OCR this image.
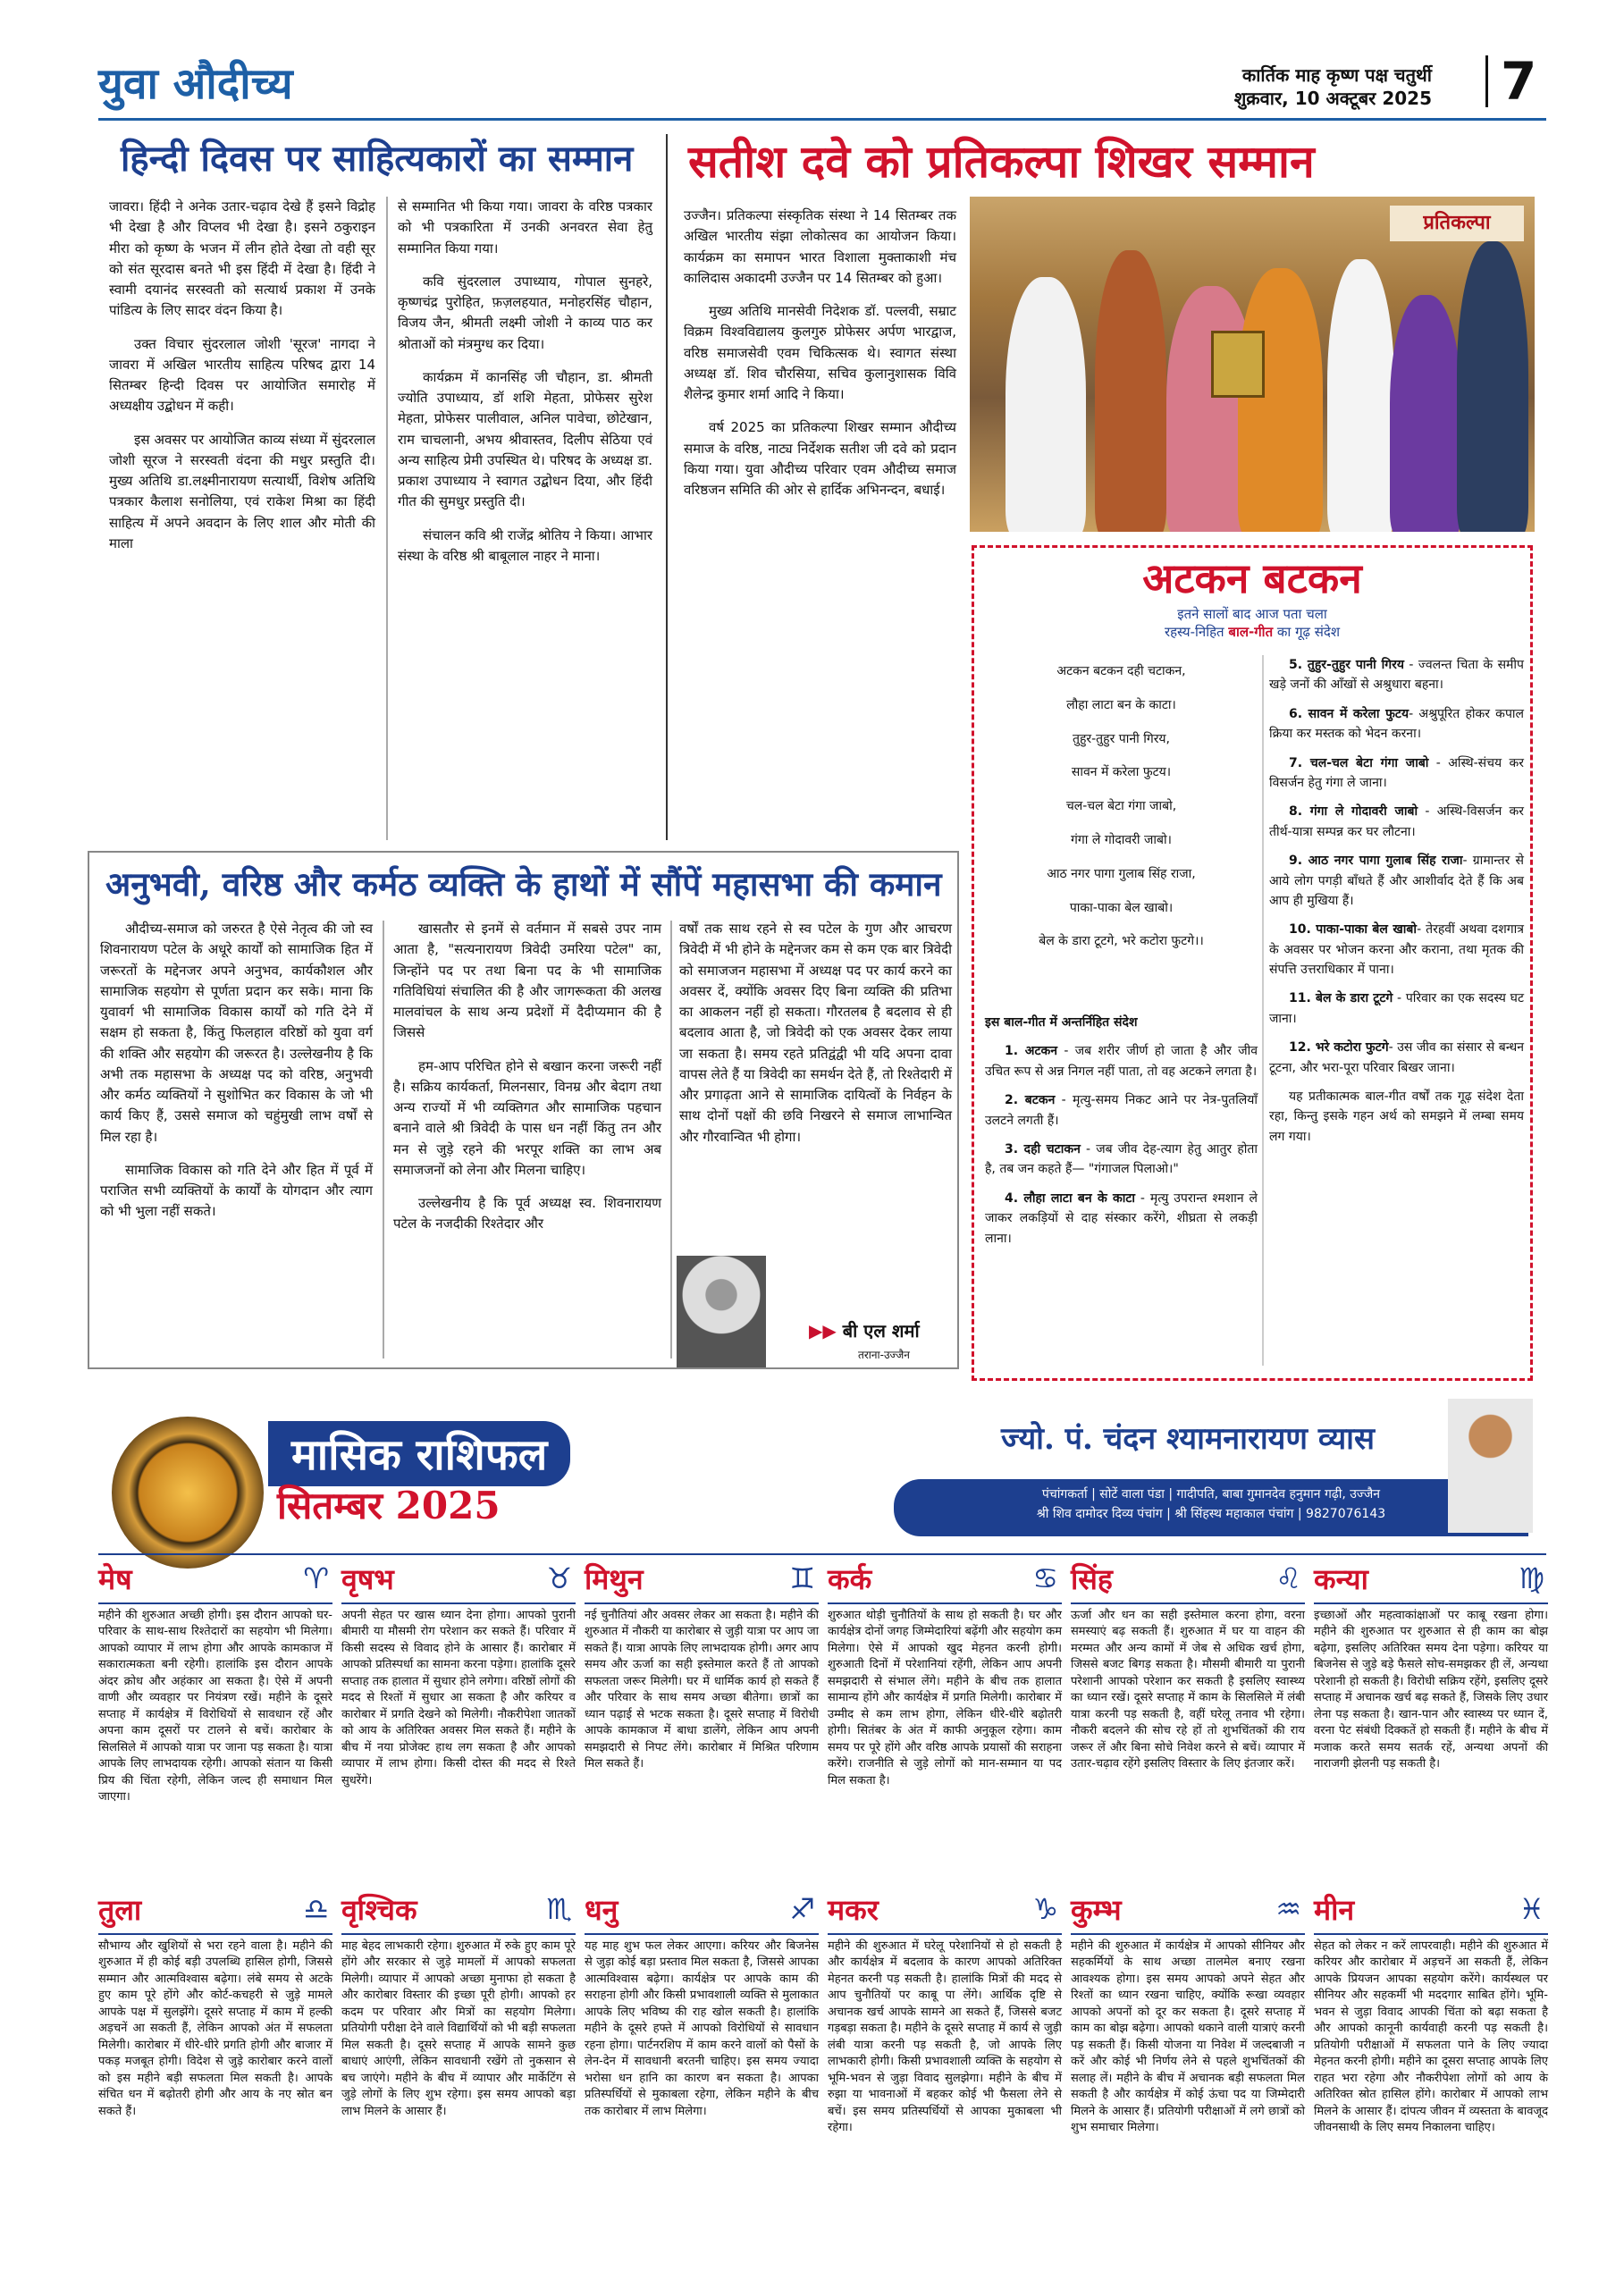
युवा औदीच्य	कार्तिक माह कृष्ण पक्ष चतुर्थी
शुक्रवार, 10 अक्टूबर 2025 7
हिन्दी दिवस पर साहित्यकारों का सम्मान

जावरा। हिंदी ने अनेक उतार-चढ़ाव देखे हैं इसने विद्रोह भी देखा है और विप्लव भी देखा है। इसने ठकुराइन मीरा को कृष्ण के भजन में लीन होते देखा तो वही सूर को संत सूरदास बनते भी इस हिंदी में देखा है। हिंदी ने स्वामी दयानंद सरस्वती को सत्यार्थ प्रकाश में उनके पांडित्य के लिए सादर वंदन किया है।

उक्त विचार सुंदरलाल जोशी 'सूरज' नागदा ने जावरा में अखिल भारतीय साहित्य परिषद द्वारा 14 सितम्बर हिन्दी दिवस पर आयोजित समारोह में अध्यक्षीय उद्बोधन में कही।

इस अवसर पर आयोजित काव्य संध्या में सुंदरलाल जोशी सूरज ने सरस्वती वंदना की मधुर प्रस्तुति दी। मुख्य अतिथि डा.लक्ष्मीनारायण सत्यार्थी, विशेष अतिथि पत्रकार कैलाश सनोलिया, एवं राकेश मिश्रा का हिंदी साहित्य में अपने अवदान के लिए शाल और मोती की माला

से सम्मानित भी किया गया। जावरा के वरिष्ठ पत्रकार को भी पत्रकारिता में उनकी अनवरत सेवा हेतु सम्मानित किया गया।

कवि सुंदरलाल उपाध्याय, गोपाल सुनहरे, कृष्णचंद्र पुरोहित, फ़ज़लहयात, मनोहरसिंह चौहान, विजय जैन, श्रीमती लक्ष्मी जोशी ने काव्य पाठ कर श्रोताओं को मंत्रमुग्ध कर दिया।

कार्यक्रम में कानसिंह जी चौहान, डा. श्रीमती ज्योति उपाध्याय, डॉ शशि मेहता, प्रोफेसर सुरेश मेहता, प्रोफेसर पालीवाल, अनिल पावेचा, छोटेखान, राम चाचलानी, अभय श्रीवास्तव, दिलीप सेठिया एवं अन्य साहित्य प्रेमी उपस्थित थे। परिषद के अध्यक्ष डा. प्रकाश उपाध्याय ने स्वागत उद्बोधन दिया, और हिंदी गीत की सुमधुर प्रस्तुति दी।

संचालन कवि श्री राजेंद्र श्रोतिय ने किया। आभार संस्था के वरिष्ठ श्री बाबूलाल नाहर ने माना।

सतीश दवे को प्रतिकल्पा शिखर सम्मान

उज्जैन। प्रतिकल्पा संस्कृतिक संस्था ने 14 सितम्बर तक अखिल भारतीय संझा लोकोत्सव का आयोजन किया। कार्यक्रम का समापन भारत विशाला मुक्ताकाशी मंच कालिदास अकादमी उज्जैन पर 14 सितम्बर को हुआ।

मुख्य अतिथि मानसेवी निदेशक डॉ. पल्लवी, सम्राट विक्रम विश्वविद्यालय कुलगुरु प्रोफेसर अर्पण भारद्वाज, वरिष्ठ समाजसेवी एवम चिकित्सक थे। स्वागत संस्था अध्यक्ष डॉ. शिव चौरसिया, सचिव कुलानुशासक विवि शैलेन्द्र कुमार शर्मा आदि ने किया।

वर्ष 2025 का प्रतिकल्पा शिखर सम्मान औदीच्य समाज के वरिष्ठ, नाट्य निर्देशक सतीश जी दवे को प्रदान किया गया। युवा औदीच्य परिवार एवम औदीच्य समाज वरिष्ठजन समिति की ओर से हार्दिक अभिनन्दन, बधाई।

प्रतिकल्पा
अटकन बटकन
इतने सालों बाद आज पता चला
रहस्य-निहित बाल-गीत का गूढ़ संदेश
अटकन बटकन दही चटाकन,
लौहा लाटा बन के काटा।
तुहुर-तुहुर पानी गिरय,
सावन में करेला फुटय।
चल-चल बेटा गंगा जाबो,
गंगा ले गोदावरी जाबो।
आठ नगर पागा गुलाब सिंह राजा,
पाका-पाका बेल खाबो।
बेल के डारा टूटगे, भरे कटोरा फुटगे।।
इस बाल-गीत में अन्तर्निहित संदेश
1. अटकन - जब शरीर जीर्ण हो जाता है और जीव उचित रूप से अन्न निगल नहीं पाता, तो वह अटकने लगता है।
2. बटकन - मृत्यु-समय निकट आने पर नेत्र-पुतलियाँ उलटने लगती हैं।
3. दही चटाकन - जब जीव देह-त्याग हेतु आतुर होता है, तब जन कहते हैं— "गंगाजल पिलाओ।"
4. लौहा लाटा बन के काटा - मृत्यु उपरान्त श्मशान ले जाकर लकड़ियों से दाह संस्कार करेंगे, शीघ्रता से लकड़ी लाना।
5. तुहुर-तुहुर पानी गिरय - ज्वलन्त चिता के समीप खड़े जनों की आँखों से अश्रुधारा बहना।
6. सावन में करेला फुटय- अश्रुपूरित होकर कपाल क्रिया कर मस्तक को भेदन करना।
7. चल-चल बेटा गंगा जाबो - अस्थि-संचय कर विसर्जन हेतु गंगा ले जाना।
8. गंगा ले गोदावरी जाबो - अस्थि-विसर्जन कर तीर्थ-यात्रा सम्पन्न कर घर लौटना।
9. आठ नगर पागा गुलाब सिंह राजा- ग्रामान्तर से आये लोग पगड़ी बाँधते हैं और आशीर्वाद देते हैं कि अब आप ही मुखिया हैं।
10. पाका-पाका बेल खाबो- तेरहवीं अथवा दशगात्र के अवसर पर भोजन करना और कराना, तथा मृतक की संपत्ति उत्तराधिकार में पाना।
11. बेल के डारा टूटगे - परिवार का एक सदस्य घट जाना।
12. भरे कटोरा फुटगे- उस जीव का संसार से बन्धन टूटना, और भरा-पूरा परिवार बिखर जाना।
यह प्रतीकात्मक बाल-गीत वर्षों तक गूढ़ संदेश देता रहा, किन्तु इसके गहन अर्थ को समझने में लम्बा समय लग गया।
अनुभवी, वरिष्ठ और कर्मठ व्यक्ति के हाथों में सौंपें महासभा की कमान

औदीच्य-समाज को जरुरत है ऐसे नेतृत्व की जो स्व शिवनारायण पटेल के अधूरे कार्यों को सामाजिक हित में जरूरतों के मद्देनजर अपने अनुभव, कार्यकौशल और सामाजिक सहयोग से पूर्णता प्रदान कर सके। माना कि युवावर्ग भी सामाजिक विकास कार्यों को गति देने में सक्षम हो सकता है, किंतु फिलहाल वरिष्ठों को युवा वर्ग की शक्ति और सहयोग की जरूरत है। उल्लेखनीय है कि अभी तक महासभा के अध्यक्ष पद को वरिष्ठ, अनुभवी और कर्मठ व्यक्तियों ने सुशोभित कर विकास के जो भी कार्य किए हैं, उससे समाज को चहुंमुखी लाभ वर्षों से मिल रहा है।

सामाजिक विकास को गति देने और हित में पूर्व में पराजित सभी व्यक्तियों के कार्यों के योगदान और त्याग को भी भुला नहीं सकते।

खासतौर से इनमें से वर्तमान में सबसे उपर नाम आता है, "सत्यनारायण त्रिवेदी उमरिया पटेल" का, जिन्होंने पद पर तथा बिना पद के भी सामाजिक गतिविधियां संचालित की है और जागरूकता की अलख मालवांचल के साथ अन्य प्रदेशों में दैदीप्यमान की है जिससे

हम-आप परिचित होने से बखान करना जरूरी नहीं है। सक्रिय कार्यकर्ता, मिलनसार, विनम्र और बेदाग तथा अन्य राज्यों में भी व्यक्तिगत और सामाजिक पहचान बनाने वाले श्री त्रिवेदी के पास धन नहीं किंतु तन और मन से जुड़े रहने की भरपूर शक्ति का लाभ अब समाजजनों को लेना और मिलना चाहिए।

उल्लेखनीय है कि पूर्व अध्यक्ष स्व. शिवनारायण पटेल के नजदीकी रिश्तेदार और

वर्षों तक साथ रहने से स्व पटेल के गुण और आचरण त्रिवेदी में भी होने के मद्देनजर कम से कम एक बार त्रिवेदी को समाजजन महासभा में अध्यक्ष पद पर कार्य करने का अवसर दें, क्योंकि अवसर दिए बिना व्यक्ति की प्रतिभा का आकलन नहीं हो सकता। गौरतलब है बदलाव से ही बदलाव आता है, जो त्रिवेदी को एक अवसर देकर लाया जा सकता है। समय रहते प्रतिद्वंद्वी भी यदि अपना दावा वापस लेते हैं या त्रिवेदी का समर्थन देते हैं, तो रिश्तेदारी में और प्रगाढ़ता आने से सामाजिक दायित्वों के निर्वहन के साथ दोनों पक्षों की छवि निखरने से समाज लाभान्वित और गौरवान्वित भी होगा।

▶▶ बी एल शर्मा
तराना-उज्जैन
मासिक राशिफल
सितम्बर 2025
ज्यो. पं. चंदन श्यामनारायण व्यास
पंचांगकर्ता | सोटें वाला पंडा | गादीपति, बाबा गुमानदेव हनुमान गढ़ी, उज्जैन
श्री शिव दामोदर दिव्य पंचांग | श्री सिंहस्थ महाकाल पंचांग | 9827076143
मेष	♈
महीने की शुरुआत अच्छी होगी। इस दौरान आपको घर-परिवार के साथ-साथ रिश्तेदारों का सहयोग भी मिलेगा। आपको व्यापार में लाभ होगा और आपके कामकाज में सकारात्मकता बनी रहेगी। हालांकि इस दौरान आपके अंदर क्रोध और अहंकार आ सकता है। ऐसे में अपनी वाणी और व्यवहार पर नियंत्रण रखें। महीने के दूसरे सप्ताह में कार्यक्षेत्र में विरोधियों से सावधान रहें और अपना काम दूसरों पर टालने से बचें। कारोबार के सिलसिले में आपको यात्रा पर जाना पड़ सकता है। यात्रा आपके लिए लाभदायक रहेगी। आपको संतान या किसी प्रिय की चिंता रहेगी, लेकिन जल्द ही समाधान मिल जाएगा।
वृषभ	♉
अपनी सेहत पर खास ध्यान देना होगा। आपको पुरानी बीमारी या मौसमी रोग परेशान कर सकते हैं। परिवार में किसी सदस्य से विवाद होने के आसार हैं। कारोबार में आपको प्रतिस्पर्धा का सामना करना पड़ेगा। हालांकि दूसरे सप्ताह तक हालात में सुधार होने लगेगा। वरिष्ठों लोगों की मदद से रिश्तों में सुधार आ सकता है और करियर व कारोबार में प्रगति देखने को मिलेगी। नौकरीपेशा जातकों को आय के अतिरिक्त अवसर मिल सकते हैं। महीने के बीच में नया प्रोजेक्ट हाथ लग सकता है और आपको व्यापार में लाभ होगा। किसी दोस्त की मदद से रिश्ते सुधरेंगे।
मिथुन	♊
नई चुनौतियां और अवसर लेकर आ सकता है। महीने की शुरुआत में नौकरी या कारोबार से जुड़ी यात्रा पर आप जा सकते हैं। यात्रा आपके लिए लाभदायक होगी। अगर आप समय और ऊर्जा का सही इस्तेमाल करते हैं तो आपको सफलता जरूर मिलेगी। घर में धार्मिक कार्य हो सकते हैं और परिवार के साथ समय अच्छा बीतेगा। छात्रों का ध्यान पढ़ाई से भटक सकता है। दूसरे सप्ताह में विरोधी आपके कामकाज में बाधा डालेंगे, लेकिन आप अपनी समझदारी से निपट लेंगे। कारोबार में मिश्रित परिणाम मिल सकते हैं।
कर्क	♋
शुरुआत थोड़ी चुनौतियों के साथ हो सकती है। घर और कार्यक्षेत्र दोनों जगह जिम्मेदारियां बढ़ेंगी और सहयोग कम मिलेगा। ऐसे में आपको खुद मेहनत करनी होगी। शुरुआती दिनों में परेशानियां रहेंगी, लेकिन आप अपनी समझदारी से संभाल लेंगे। महीने के बीच तक हालात सामान्य होंगे और कार्यक्षेत्र में प्रगति मिलेगी। कारोबार में उम्मीद से कम लाभ होगा, लेकिन धीरे-धीरे बढ़ोतरी होगी। सितंबर के अंत में काफी अनुकूल रहेगा। काम समय पर पूरे होंगे और वरिष्ठ आपके प्रयासों की सराहना करेंगे। राजनीति से जुड़े लोगों को मान-सम्मान या पद मिल सकता है।
सिंह	♌
ऊर्जा और धन का सही इस्तेमाल करना होगा, वरना समस्याएं बढ़ सकती हैं। शुरुआत में घर या वाहन की मरम्मत और अन्य कामों में जेब से अधिक खर्च होगा, जिससे बजट बिगड़ सकता है। मौसमी बीमारी या पुरानी परेशानी आपको परेशान कर सकती है इसलिए स्वास्थ्य का ध्यान रखें। दूसरे सप्ताह में काम के सिलसिले में लंबी यात्रा करनी पड़ सकती है, वहीं घरेलू तनाव भी रहेगा। नौकरी बदलने की सोच रहे हों तो शुभचिंतकों की राय जरूर लें और बिना सोचे निवेश करने से बचें। व्यापार में उतार-चढ़ाव रहेंगे इसलिए विस्तार के लिए इंतजार करें।
कन्या	♍
इच्छाओं और महत्वाकांक्षाओं पर काबू रखना होगा। महीने की शुरुआत पर शुरुआत से ही काम का बोझ बढ़ेगा, इसलिए अतिरिक्त समय देना पड़ेगा। करियर या बिजनेस से जुड़े बड़े फैसले सोच-समझकर ही लें, अन्यथा परेशानी हो सकती है। विरोधी सक्रिय रहेंगे, इसलिए दूसरे सप्ताह में अचानक खर्च बढ़ सकते हैं, जिसके लिए उधार लेना पड़ सकता है। खान-पान और स्वास्थ्य पर ध्यान दें, वरना पेट संबंधी दिक्कतें हो सकती हैं। महीने के बीच में मजाक करते समय सतर्क रहें, अन्यथा अपनों की नाराजगी झेलनी पड़ सकती है।
तुला	♎
सौभाग्य और खुशियों से भरा रहने वाला है। महीने की शुरुआत में ही कोई बड़ी उपलब्धि हासिल होगी, जिससे सम्मान और आत्मविश्वास बढ़ेगा। लंबे समय से अटके हुए काम पूरे होंगे और कोर्ट-कचहरी से जुड़े मामले आपके पक्ष में सुलझेंगे। दूसरे सप्ताह में काम में हल्की अड़चनें आ सकती हैं, लेकिन आपको अंत में सफलता मिलेगी। कारोबार में धीरे-धीरे प्रगति होगी और बाजार में पकड़ मजबूत होगी। विदेश से जुड़े कारोबार करने वालों को इस महीने बड़ी सफलता मिल सकती है। आपके संचित धन में बढ़ोतरी होगी और आय के नए स्रोत बन सकते हैं।
वृश्चिक	♏
माह बेहद लाभकारी रहेगा। शुरुआत में रुके हुए काम पूरे होंगे और सरकार से जुड़े मामलों में आपको सफलता मिलेगी। व्यापार में आपको अच्छा मुनाफा हो सकता है और कारोबार विस्तार की इच्छा पूरी होगी। आपको हर कदम पर परिवार और मित्रों का सहयोग मिलेगा। प्रतियोगी परीक्षा देने वाले विद्यार्थियों को भी बड़ी सफलता मिल सकती है। दूसरे सप्ताह में आपके सामने कुछ बाधाएं आएंगी, लेकिन सावधानी रखेंगे तो नुकसान से बच जाएंगे। महीने के बीच में व्यापार और मार्केटिंग से जुड़े लोगों के लिए शुभ रहेगा। इस समय आपको बड़ा लाभ मिलने के आसार हैं।
धनु	♐
यह माह शुभ फल लेकर आएगा। करियर और बिजनेस से जुड़ा कोई बड़ा प्रस्ताव मिल सकता है, जिससे आपका आत्मविश्वास बढ़ेगा। कार्यक्षेत्र पर आपके काम की सराहना होगी और किसी प्रभावशाली व्यक्ति से मुलाकात आपके लिए भविष्य की राह खोल सकती है। हालांकि महीने के दूसरे हफ्ते में आपको विरोधियों से सावधान रहना होगा। पार्टनरशिप में काम करने वालों को पैसों के लेन-देन में सावधानी बरतनी चाहिए। इस समय ज्यादा भरोसा धन हानि का कारण बन सकता है। आपका प्रतिस्पर्धियों से मुकाबला रहेगा, लेकिन महीने के बीच तक कारोबार में लाभ मिलेगा।
मकर	♑
महीने की शुरुआत में घरेलू परेशानियों से हो सकती है और कार्यक्षेत्र में बदलाव के कारण आपको अतिरिक्त मेहनत करनी पड़ सकती है। हालांकि मित्रों की मदद से आप चुनौतियों पर काबू पा लेंगे। आर्थिक दृष्टि से अचानक खर्च आपके सामने आ सकते हैं, जिससे बजट गड़बड़ा सकता है। महीने के दूसरे सप्ताह में कार्य से जुड़ी लंबी यात्रा करनी पड़ सकती है, जो आपके लिए लाभकारी होगी। किसी प्रभावशाली व्यक्ति के सहयोग से भूमि-भवन से जुड़ा विवाद सुलझेगा। महीने के बीच में रुझा या भावनाओं में बहकर कोई भी फैसला लेने से बचें। इस समय प्रतिस्पर्धियों से आपका मुकाबला भी रहेगा।
कुम्भ	♒
महीने की शुरुआत में कार्यक्षेत्र में आपको सीनियर और सहकर्मियों के साथ अच्छा तालमेल बनाए रखना आवश्यक होगा। इस समय आपको अपने सेहत और रिश्तों का ध्यान रखना चाहिए, क्योंकि रूखा व्यवहार आपको अपनों को दूर कर सकता है। दूसरे सप्ताह में काम का बोझ बढ़ेगा। आपको थकाने वाली यात्राएं करनी पड़ सकती हैं। किसी योजना या निवेश में जल्दबाजी न करें और कोई भी निर्णय लेने से पहले शुभचिंतकों की सलाह लें। महीने के बीच में अचानक बड़ी सफलता मिल सकती है और कार्यक्षेत्र में कोई ऊंचा पद या जिम्मेदारी मिलने के आसार हैं। प्रतियोगी परीक्षाओं में लगे छात्रों को शुभ समाचार मिलेगा।
मीन	♓
सेहत को लेकर न करें लापरवाही। महीने की शुरुआत में करियर और कारोबार में अड़चनें आ सकती हैं, लेकिन आपके प्रियजन आपका सहयोग करेंगे। कार्यस्थल पर सीनियर और सहकर्मी भी मददगार साबित होंगे। भूमि-भवन से जुड़ा विवाद आपकी चिंता को बढ़ा सकता है और आपको कानूनी कार्यवाही करनी पड़ सकती है। प्रतियोगी परीक्षाओं में सफलता पाने के लिए ज्यादा मेहनत करनी होगी। महीने का दूसरा सप्ताह आपके लिए राहत भरा रहेगा और नौकरीपेशा लोगों को आय के अतिरिक्त स्रोत हासिल होंगे। कारोबार में आपको लाभ मिलने के आसार हैं। दांपत्य जीवन में व्यस्तता के बावजूद जीवनसाथी के लिए समय निकालना चाहिए।
